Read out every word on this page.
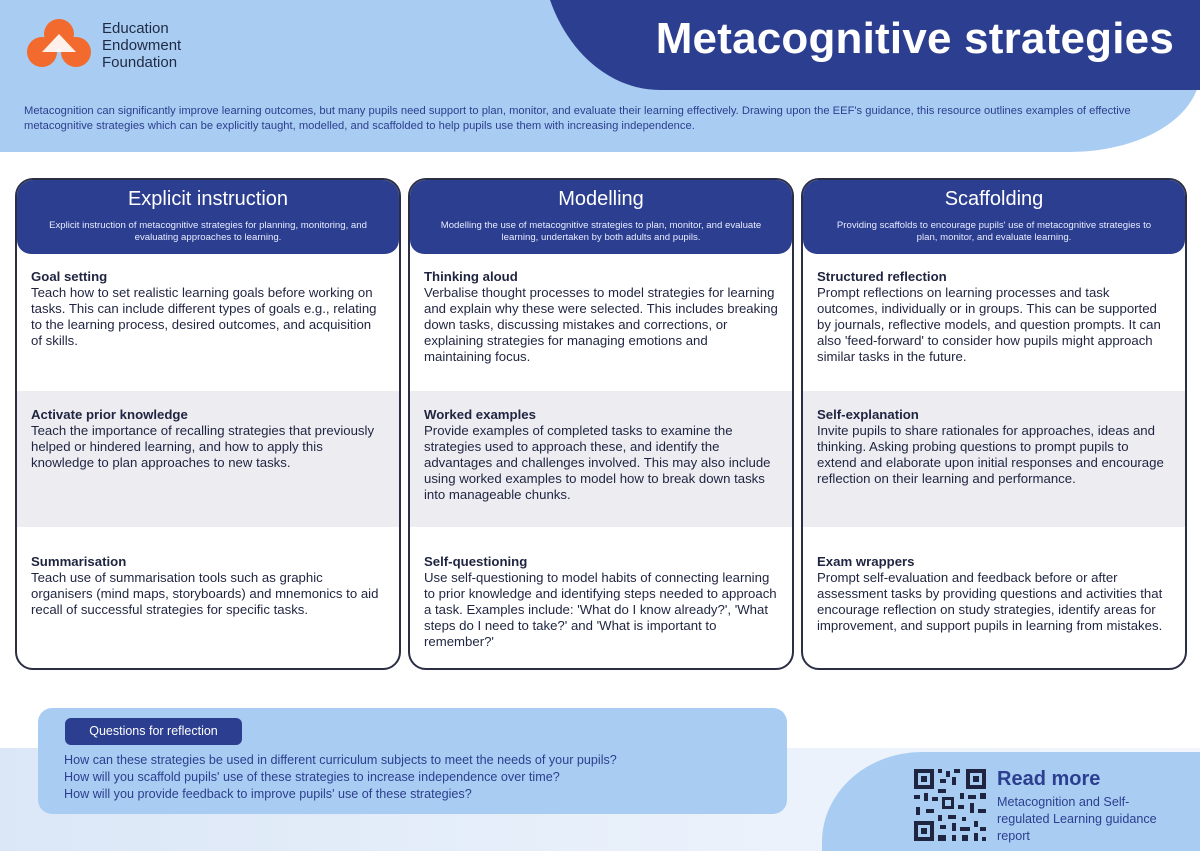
Metacognitive strategies
Education
Endowment
Foundation

Metacognition can significantly improve learning outcomes, but many pupils need support to plan, monitor, and evaluate their learning effectively. Drawing upon the EEF's guidance, this resource outlines examples of effective metacognitive strategies which can be explicitly taught, modelled, and scaffolded to help pupils use them with increasing independence.

Explicit instruction
Explicit instruction of metacognitive strategies for planning, monitoring, and evaluating approaches to learning.
Goal setting
Teach how to set realistic learning goals before working on tasks. This can include different types of goals e.g., relating to the learning process, desired outcomes, and acquisition of skills.
Activate prior knowledge
Teach the importance of recalling strategies that previously helped or hindered learning, and how to apply this knowledge to plan approaches to new tasks.
Summarisation
Teach use of summarisation tools such as graphic organisers (mind maps, storyboards) and mnemonics to aid recall of successful strategies for specific tasks.
Modelling
Modelling the use of metacognitive strategies to plan, monitor, and evaluate learning, undertaken by both adults and pupils.
Thinking aloud
Verbalise thought processes to model strategies for learning and explain why these were selected. This includes breaking down tasks, discussing mistakes and corrections, or explaining strategies for managing emotions and maintaining focus.
Worked examples
Provide examples of completed tasks to examine the strategies used to approach these, and identify the advantages and challenges involved. This may also include using worked examples to model how to break down tasks into manageable chunks.
Self-questioning
Use self-questioning to model habits of connecting learning to prior knowledge and identifying steps needed to approach a task. Examples include: 'What do I know already?', 'What steps do I need to take?' and 'What is important to remember?'
Scaffolding
Providing scaffolds to encourage pupils' use of metacognitive strategies to plan, monitor, and evaluate learning.
Structured reflection
Prompt reflections on learning processes and task outcomes, individually or in groups. This can be supported by journals, reflective models, and question prompts. It can also 'feed-forward' to consider how pupils might approach similar tasks in the future.
Self-explanation
Invite pupils to share rationales for approaches, ideas and thinking. Asking probing questions to prompt pupils to extend and elaborate upon initial responses and encourage reflection on their learning and performance.
Exam wrappers
Prompt self-evaluation and feedback before or after assessment tasks by providing questions and activities that encourage reflection on study strategies, identify areas for improvement, and support pupils in learning from mistakes.
Questions for reflection
How can these strategies be used in different curriculum subjects to meet the needs of your pupils?
How will you scaffold pupils' use of these strategies to increase independence over time?
How will you provide feedback to improve pupils' use of these strategies?
Read more
Metacognition and Self-regulated Learning guidance report
